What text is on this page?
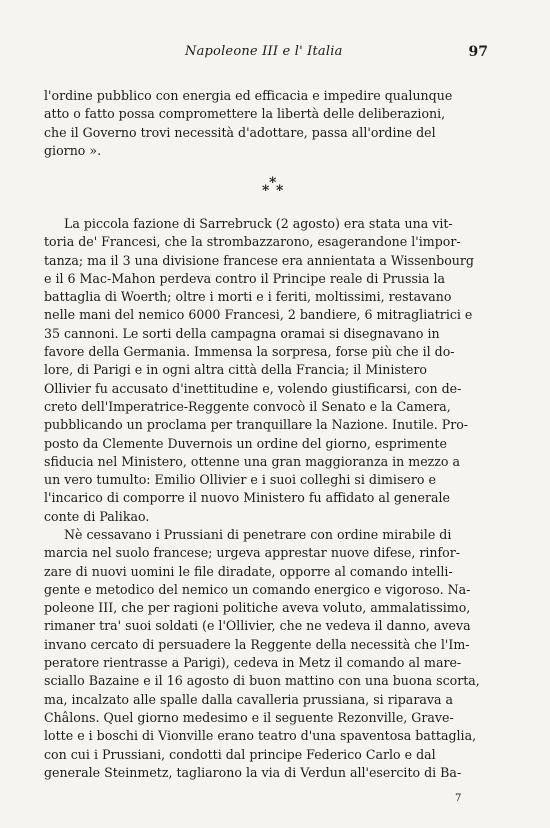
Napoleone III e l' Italia	97
l'ordine pubblico con energia ed efficacia e impedire qualunque
atto o fatto possa compromettere la libertà delle deliberazioni,
che il Governo trovi necessità d'adottare, passa all'ordine del
giorno ».
*
* *
La piccola fazione di Sarrebruck (2 agosto) era stata una vit-
toria de' Francesi, che la strombazzarono, esagerandone l'impor-
tanza; ma il 3 una divisione francese era annientata a Wissenbourg
e il 6 Mac-Mahon perdeva contro il Principe reale di Prussia la
battaglia di Woerth; oltre i morti e i feriti, moltissimi, restavano
nelle mani del nemico 6000 Francesi, 2 bandiere, 6 mitragliatrici e
35 cannoni. Le sorti della campagna oramai si disegnavano in
favore della Germania. Immensa la sorpresa, forse più che il do-
lore, di Parigi e in ogni altra città della Francia; il Ministero
Ollivier fu accusato d'inettitudine e, volendo giustificarsi, con de-
creto dell'Imperatrice-Reggente convocò il Senato e la Camera,
pubblicando un proclama per tranquillare la Nazione. Inutile. Pro-
posto da Clemente Duvernois un ordine del giorno, esprimente
sfiducia nel Ministero, ottenne una gran maggioranza in mezzo a
un vero tumulto: Emilio Ollivier e i suoi colleghi si dimisero e
l'incarico di comporre il nuovo Ministero fu affidato al generale
conte di Palikao.
Nè cessavano i Prussiani di penetrare con ordine mirabile di
marcia nel suolo francese; urgeva apprestar nuove difese, rinfor-
zare di nuovi uomini le file diradate, opporre al comando intelli-
gente e metodico del nemico un comando energico e vigoroso. Na-
poleone III, che per ragioni politiche aveva voluto, ammalatissimo,
rimaner tra' suoi soldati (e l'Ollivier, che ne vedeva il danno, aveva
invano cercato di persuadere la Reggente della necessità che l'Im-
peratore rientrasse a Parigi), cedeva in Metz il comando al mare-
sciallo Bazaine e il 16 agosto di buon mattino con una buona scorta,
ma, incalzato alle spalle dalla cavalleria prussiana, si riparava a
Châlons. Quel giorno medesimo e il seguente Rezonville, Grave-
lotte e i boschi di Vionville erano teatro d'una spaventosa battaglia,
con cui i Prussiani, condotti dal principe Federico Carlo e dal
generale Steinmetz, tagliarono la via di Verdun all'esercito di Ba-
7
